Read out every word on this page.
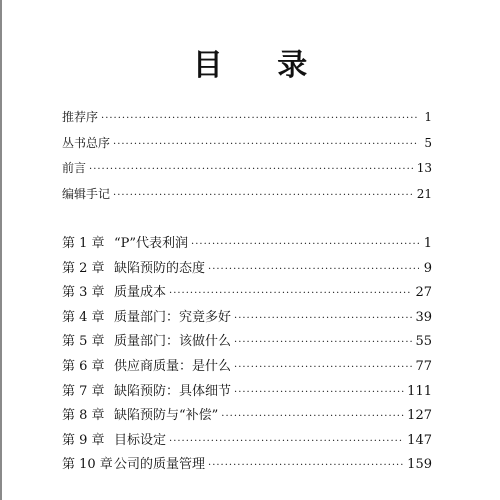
目 录
推荐序 ·····	1
丛书总序 ·····	5
前言 ·····	13
编辑手记 ·····	21
第 1 章 “P”代表利润 ·····	1
第 2 章 缺陷预防的态度 ·····	9
第 3 章 质量成本 ·····	27
第 4 章 质量部门：究竟多好 ·····	39
第 5 章 质量部门：该做什么 ·····	55
第 6 章 供应商质量：是什么 ·····	77
第 7 章 缺陷预防：具体细节 ·····	111
第 8 章 缺陷预防与“补偿” ·····	127
第 9 章 目标设定 ·····	147
第 10 章 公司的质量管理 ·····	159
